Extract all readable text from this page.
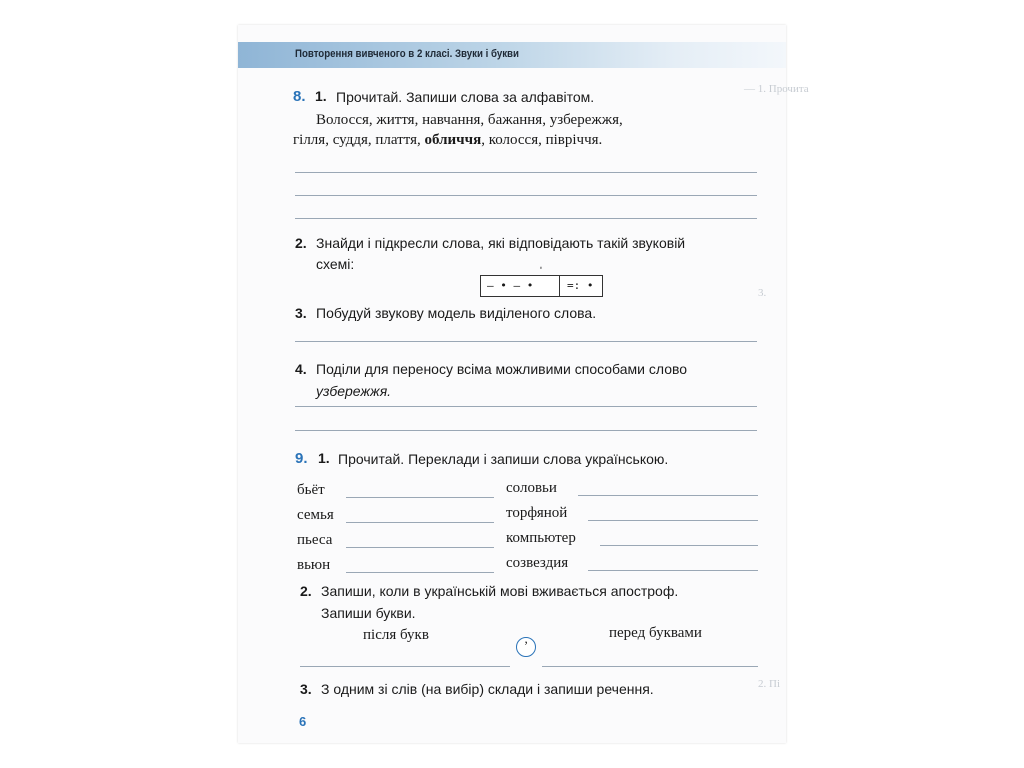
— 1. Прочита
3.
2. Пі
Повторення вивченого в 2 класі. Звуки і букви
8. 1. Прочитай. Запиши слова за алфавітом.
Волосся, життя, навчання, бажання, узбережжя,
гілля, суддя, плаття, обличчя, колосся, півріччя.
2. Знайди і підкресли слова, які відповідають такій звуковій
схемі:	ʹ
— • — •	=: •
3. Побудуй звукову модель виділеного слова.
4. Поділи для переносу всіма можливими способами слово
узбережжя.
9. 1. Прочитай. Переклади і запиши слова українською.
бьёт
семья
пьеса
вьюн
соловьи
торфяной
компьютер
созвездия
2. Запиши, коли в українській мові вживається апостроф.
Запиши букви.
після букв
’
перед буквами
3. З одним зі слів (на вибір) склади і запиши речення.
6
